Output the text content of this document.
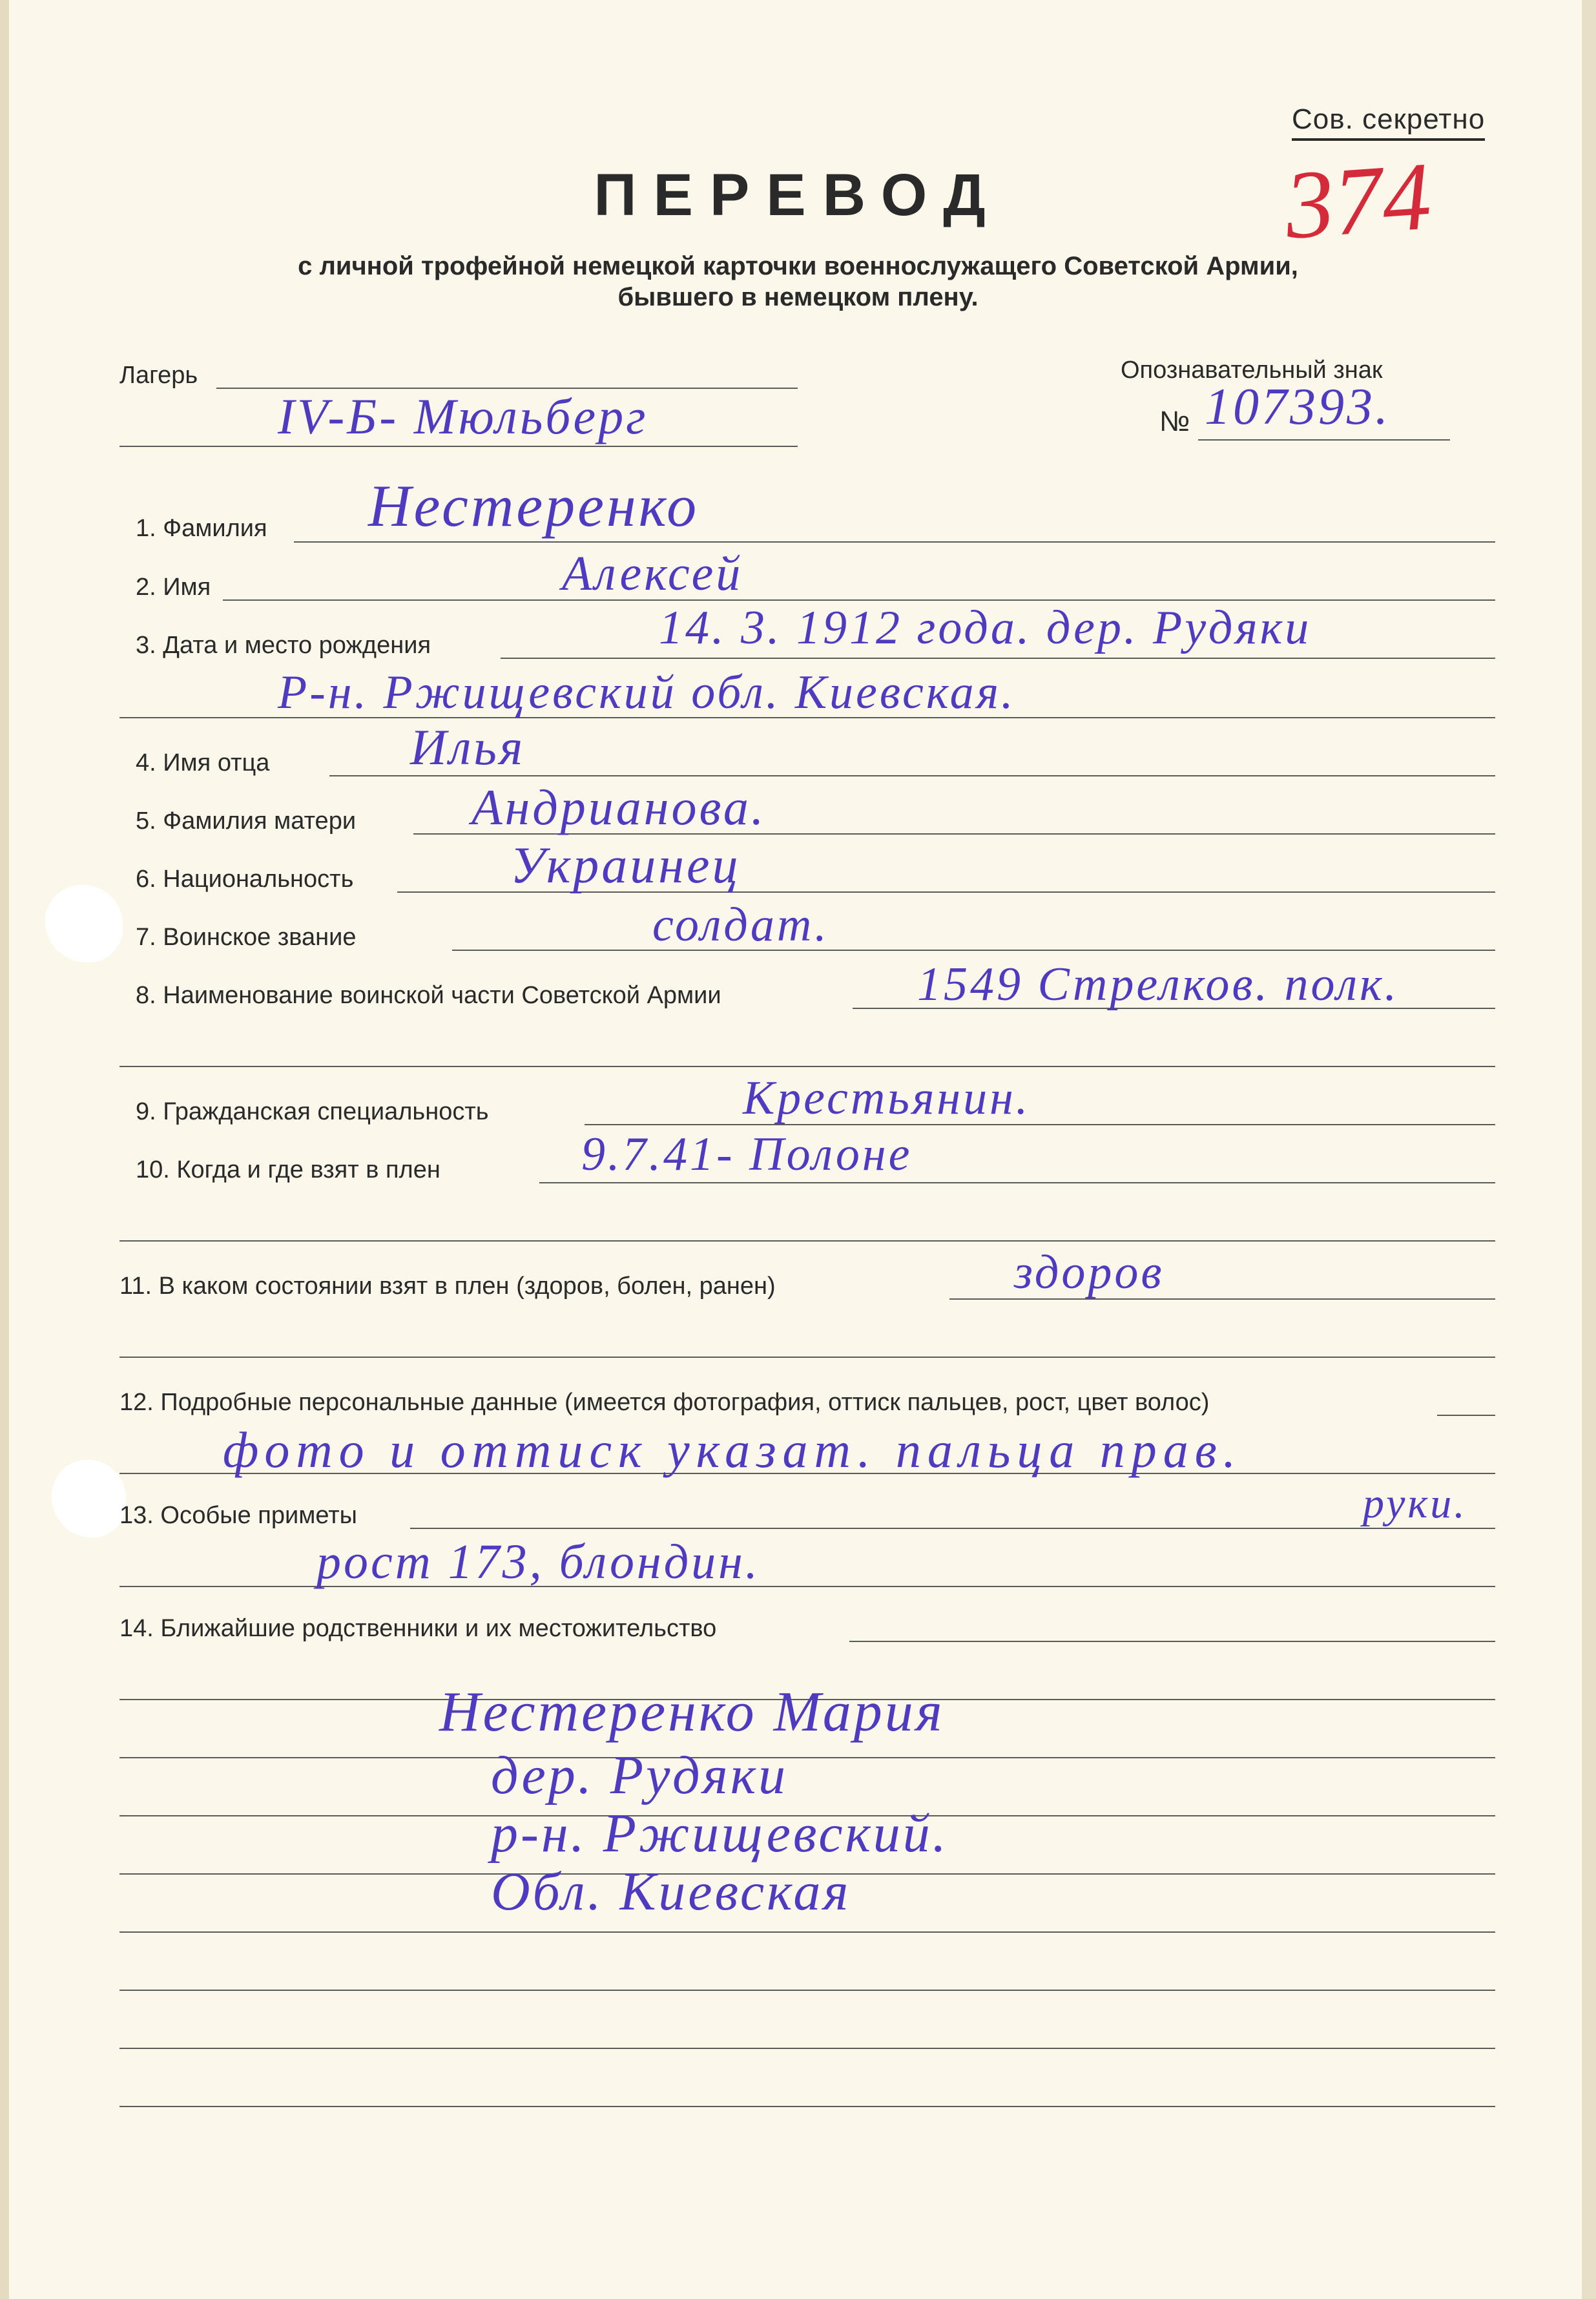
Сов. секретно
374
ПЕРЕВОД
с личной трофейной немецкой карточки военнослужащего Советской Армии,
бывшего в немецком плену.
Лагерь
IV-Б- Мюльберг
Опознавательный знак
№ 107393.
1. Фамилия Нестеренко
2. Имя	Алексей
3. Дата и место рождения	14. 3. 1912 года. дер. Рудяки
Р-н. Ржищевский обл. Киевская.
4. Имя отца	Илья
5. Фамилия матери Андрианова.
6. Национальность	Украинец
7. Воинское звание	солдат.
8. Наименование воинской части Советской Армии	1549 Стрелков. полк.
9. Гражданская специальность	Крестьянин.
10. Когда и где взят в плен	9.7.41- Полоне
11. В каком состоянии взят в плен (здоров, болен, ранен)	здоров
12. Подробные персональные данные (имеется фотография, оттиск пальцев, рост, цвет волос)
фото и оттиск указат. пальца прав.
руки.
13. Особые приметы
рост 173, блондин.
14. Ближайшие родственники и их местожительство
Нестеренко Мария
дер. Рудяки
р-н. Ржищевский.
Обл. Киевская
